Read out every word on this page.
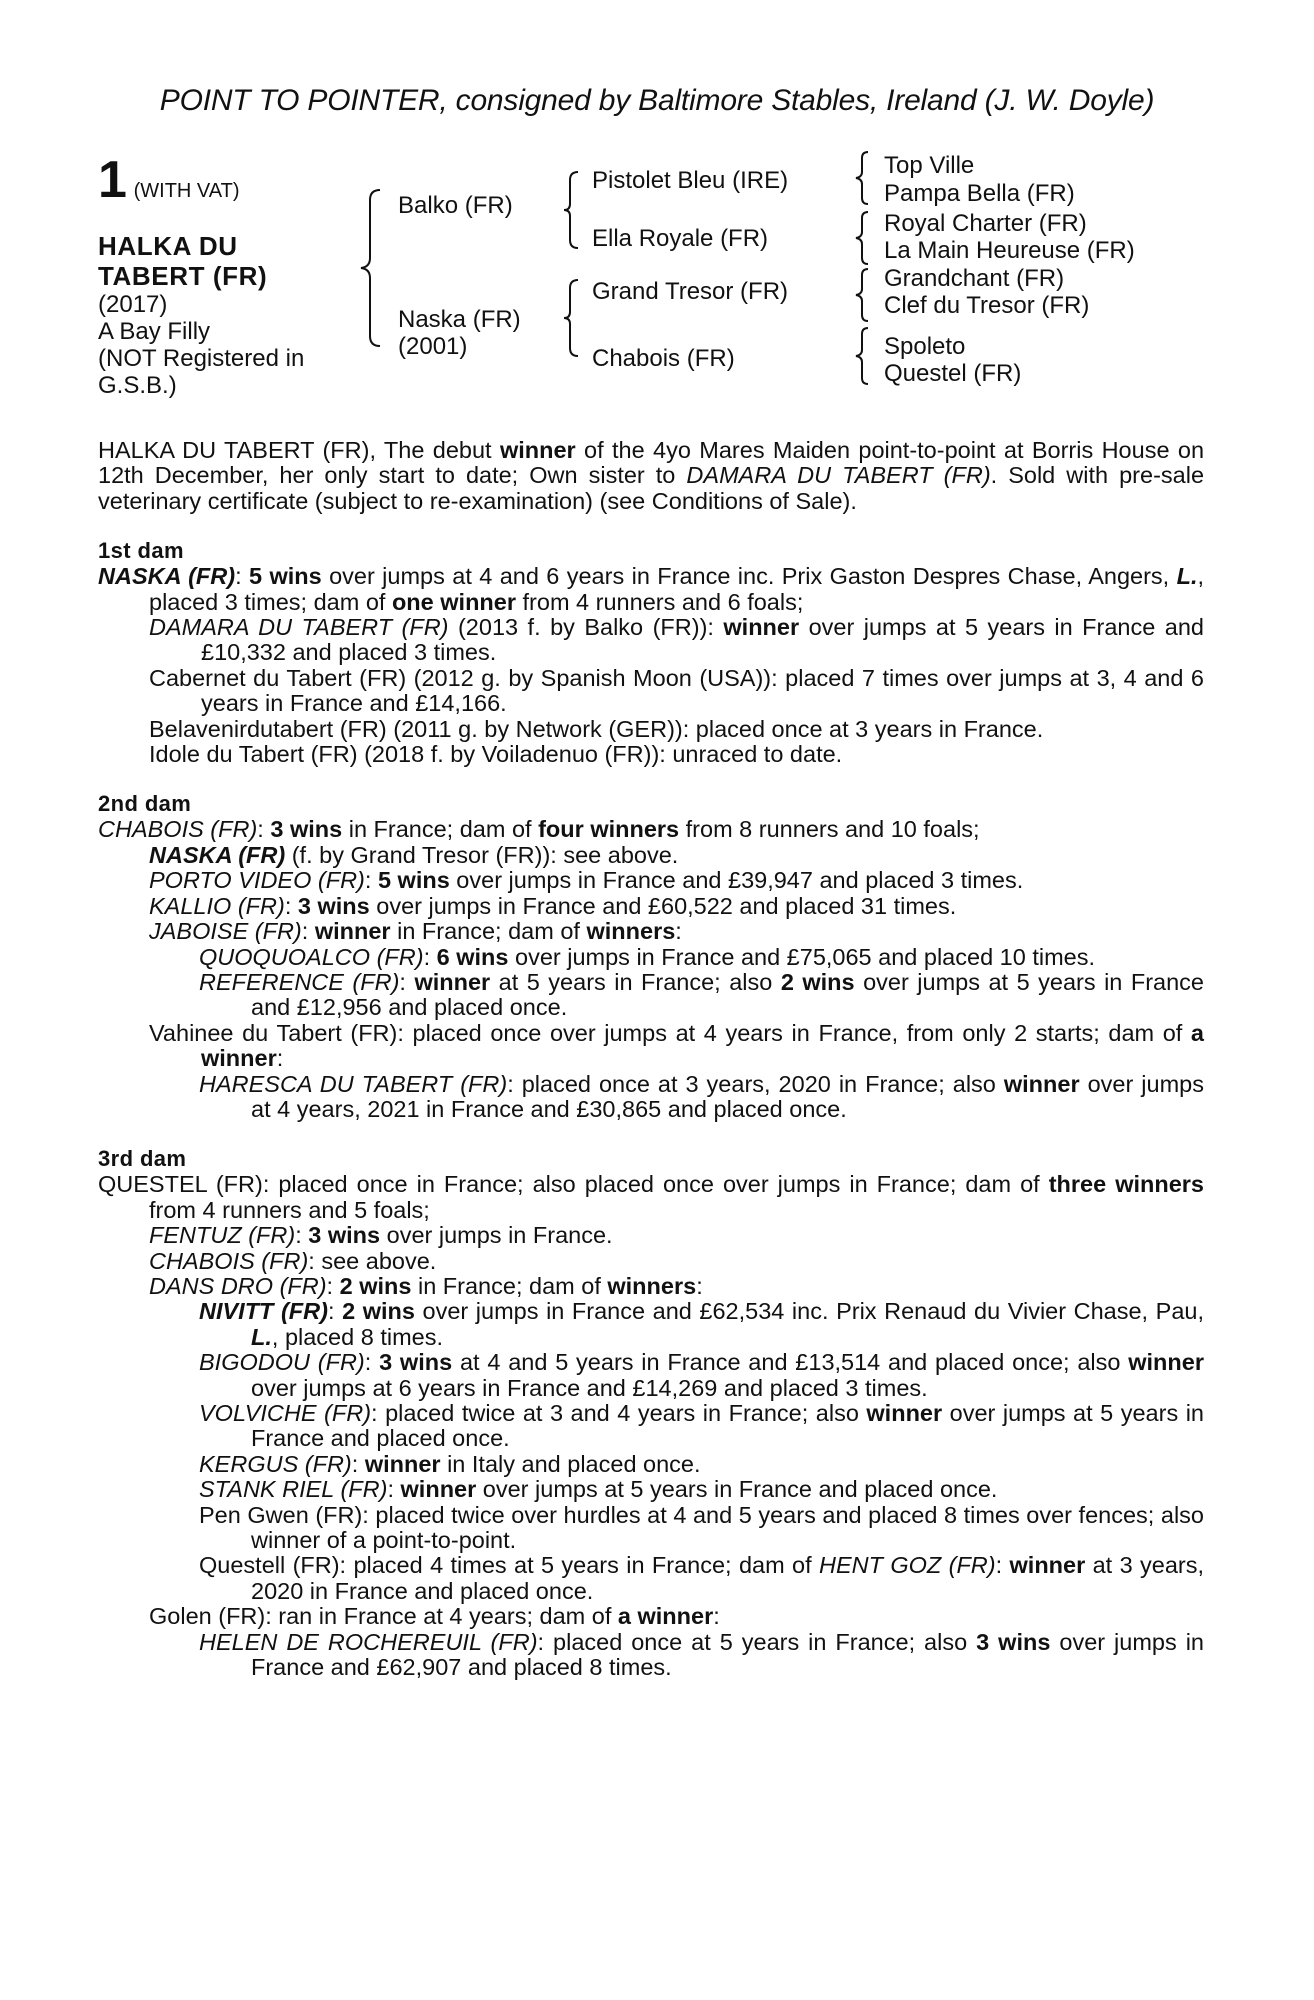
POINT TO POINTER, consigned by Baltimore Stables, Ireland (J. W. Doyle)
1 (WITH VAT)
HALKA DU
TABERT (FR)
(2017)
A Bay Filly
(NOT Registered in G.S.B.)
Balko (FR)
Naska (FR)
(2001)
Pistolet Bleu (IRE)
Ella Royale (FR)
Grand Tresor (FR)
Chabois (FR)
Top Ville
Pampa Bella (FR)
Royal Charter (FR)
La Main Heureuse (FR)
Grandchant (FR)
Clef du Tresor (FR)
Spoleto
Questel (FR)

HALKA DU TABERT (FR), The debut winner of the 4yo Mares Maiden point-to-point at Borris House on 12th December, her only start to date; Own sister to DAMARA DU TABERT (FR). Sold with pre-sale veterinary certificate (subject to re-examination) (see Conditions of Sale).

1st dam
NASKA (FR): 5 wins over jumps at 4 and 6 years in France inc. Prix Gaston Despres Chase, Angers, L., placed 3 times; dam of one winner from 4 runners and 6 foals;
DAMARA DU TABERT (FR) (2013 f. by Balko (FR)): winner over jumps at 5 years in France and £10,332 and placed 3 times.
Cabernet du Tabert (FR) (2012 g. by Spanish Moon (USA)): placed 7 times over jumps at 3, 4 and 6 years in France and £14,166.
Belavenirdutabert (FR) (2011 g. by Network (GER)): placed once at 3 years in France.
Idole du Tabert (FR) (2018 f. by Voiladenuo (FR)): unraced to date.
2nd dam
CHABOIS (FR): 3 wins in France; dam of four winners from 8 runners and 10 foals;
NASKA (FR) (f. by Grand Tresor (FR)): see above.
PORTO VIDEO (FR): 5 wins over jumps in France and £39,947 and placed 3 times.
KALLIO (FR): 3 wins over jumps in France and £60,522 and placed 31 times.
JABOISE (FR): winner in France; dam of winners:
QUOQUOALCO (FR): 6 wins over jumps in France and £75,065 and placed 10 times.
REFERENCE (FR): winner at 5 years in France; also 2 wins over jumps at 5 years in France and £12,956 and placed once.
Vahinee du Tabert (FR): placed once over jumps at 4 years in France, from only 2 starts; dam of a winner:
HARESCA DU TABERT (FR): placed once at 3 years, 2020 in France; also winner over jumps at 4 years, 2021 in France and £30,865 and placed once.
3rd dam
QUESTEL (FR): placed once in France; also placed once over jumps in France; dam of three winners from 4 runners and 5 foals;
FENTUZ (FR): 3 wins over jumps in France.
CHABOIS (FR): see above.
DANS DRO (FR): 2 wins in France; dam of winners:
NIVITT (FR): 2 wins over jumps in France and £62,534 inc. Prix Renaud du Vivier Chase, Pau, L., placed 8 times.
BIGODOU (FR): 3 wins at 4 and 5 years in France and £13,514 and placed once; also winner over jumps at 6 years in France and £14,269 and placed 3 times.
VOLVICHE (FR): placed twice at 3 and 4 years in France; also winner over jumps at 5 years in France and placed once.
KERGUS (FR): winner in Italy and placed once.
STANK RIEL (FR): winner over jumps at 5 years in France and placed once.
Pen Gwen (FR): placed twice over hurdles at 4 and 5 years and placed 8 times over fences; also winner of a point-to-point.
Questell (FR): placed 4 times at 5 years in France; dam of HENT GOZ (FR): winner at 3 years, 2020 in France and placed once.
Golen (FR): ran in France at 4 years; dam of a winner:
HELEN DE ROCHEREUIL (FR): placed once at 5 years in France; also 3 wins over jumps in France and £62,907 and placed 8 times.
